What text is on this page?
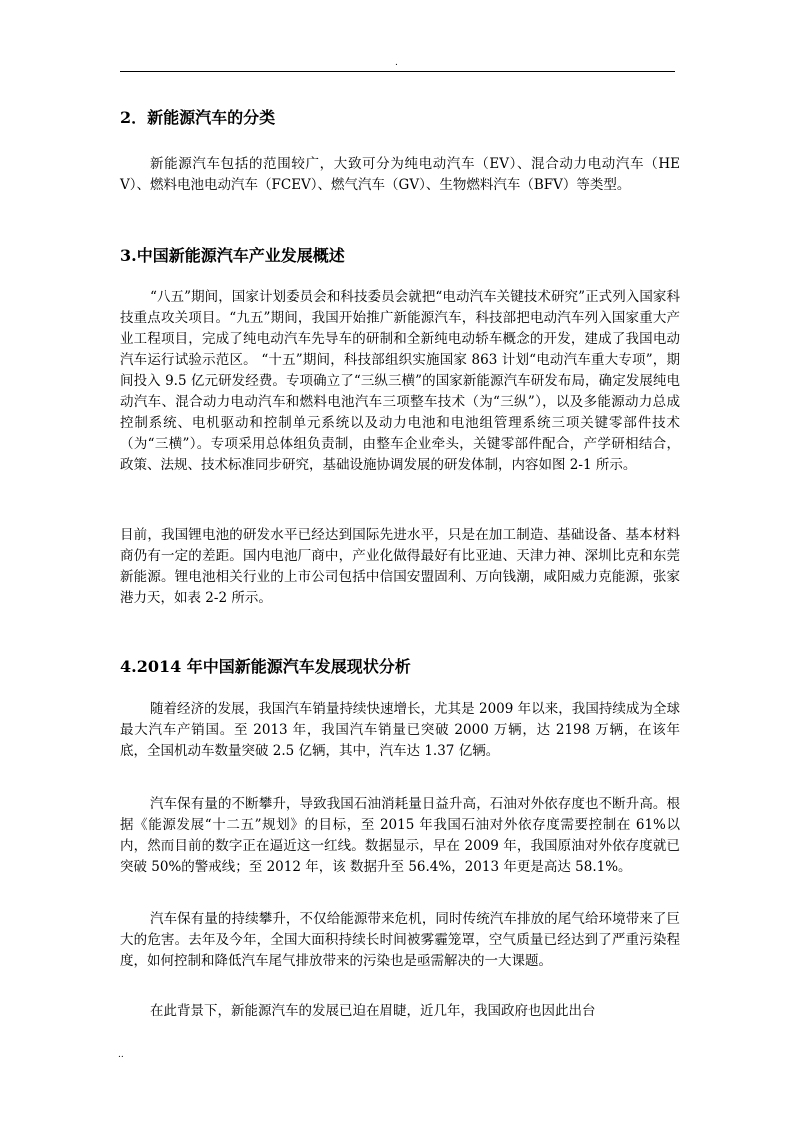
.
2．新能源汽车的分类
新能源汽车包括的范围较广，大致可分为纯电动汽车（EV）、混合动力电动汽车（HEV）、燃料电池电动汽车（FCEV）、燃气汽车（GV）、生物燃料汽车（BFV）等类型。
3.中国新能源汽车产业发展概述
“八五”期间，国家计划委员会和科技委员会就把“电动汽车关键技术研究”正式列入国家科技重点攻关项目。“九五”期间，我国开始推广新能源汽车，科技部把电动汽车列入国家重大产业工程项目，完成了纯电动汽车先导车的研制和全新纯电动轿车概念的开发，建成了我国电动汽车运行试验示范区。 “十五”期间，科技部组织实施国家 863 计划“电动汽车重大专项”，期间投入 9.5 亿元研发经费。专项确立了“三纵三横”的国家新能源汽车研发布局，确定发展纯电动汽车、混合动力电动汽车和燃料电池汽车三项整车技术（为“三纵”），以及多能源动力总成控制系统、电机驱动和控制单元系统以及动力电池和电池组管理系统三项关键零部件技术（为“三横”）。专项采用总体组负责制，由整车企业牵头，关键零部件配合，产学研相结合，政策、法规、技术标准同步研究，基础设施协调发展的研发体制，内容如图 2-1 所示。
目前，我国锂电池的研发水平已经达到国际先进水平，只是在加工制造、基础设备、基本材料商仍有一定的差距。国内电池厂商中，产业化做得最好有比亚迪、天津力神、深圳比克和东莞新能源。锂电池相关行业的上市公司包括中信国安盟固利、万向钱潮，咸阳威力克能源，张家港力天，如表 2-2 所示。
4.2014 年中国新能源汽车发展现状分析
随着经济的发展，我国汽车销量持续快速增长，尤其是 2009 年以来，我国持续成为全球最大汽车产销国。至 2013 年，我国汽车销量已突破 2000 万辆，达 2198 万辆，在该年底，全国机动车数量突破 2.5 亿辆，其中，汽车达 1.37 亿辆。
汽车保有量的不断攀升，导致我国石油消耗量日益升高，石油对外依存度也不断升高。根据《能源发展“十二五”规划》的目标，至 2015 年我国石油对外依存度需要控制在 61%以内，然而目前的数字正在逼近这一红线。数据显示，早在 2009 年，我国原油对外依存度就已突破 50%的警戒线；至 2012 年，该 数据升至 56.4%，2013 年更是高达 58.1%。
汽车保有量的持续攀升，不仅给能源带来危机，同时传统汽车排放的尾气给环境带来了巨大的危害。去年及今年，全国大面积持续长时间被雾霾笼罩，空气质量已经达到了严重污染程度，如何控制和降低汽车尾气排放带来的污染也是亟需解决的一大课题。
在此背景下，新能源汽车的发展已迫在眉睫，近几年，我国政府也因此出台
..
